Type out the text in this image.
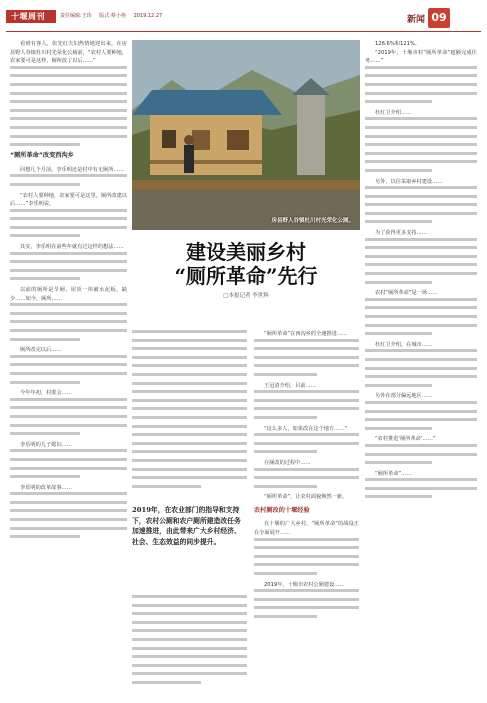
十堰周刊	责任编辑:王玮 版式:蔡小艳 2019.12.27	新闻 09

看到有客人，张先红夫妇热情地迎出来。在房县野人谷镇杜川村光荣化公厕前，“农村人要种地，农家要可是这样，厕所改了以后……”

“厕所革命”改变西沟乡

回想几个月前，李乐明还是村中有无厕所……

“农村人要种地，农家要可是这里，厕所改建以后……”李乐明说。

其实，李乐明在前些年就有过这样的想法……

以前的厕所是旱厕，屋顶一块破水泥板，缺少……如今，厕所……

厕所改完以后……

今年年初，村委会……

李乐明的儿子媳妇……

李乐明的改革故事……

房县野人谷镇杜川村光荣化公厕。
建设美丽乡村
“厕所革命”先行
□本报记者 李世辉
2019年，在农业部门的指导和支持下，农村公厕和农户厕所建造改任务加速推进，由此带来广大乡村经济、社会、生态效益的同步提升。

“厕所革命”在西沟乡的全速推进……

王冠清介绍，目前……

“这么多人，如果改在这个地方……”

在厕改的过程中……

“厕所革命”，让农村面貌焕然一新。

农村厕改的十堰经验

在十堰的广大乡村，“厕所革命”的战役正在全面展开……

2019年，十堰市农村公厕建设……

126.6%和121%。

“2019年，十堰市村“厕所革命”超额完成任务……”

杜红卫介绍……

另外，以往采取乡村建设……

为了获得更多支持……

农村“厕所革命”是一场……

杜红卫介绍，在城市……

另外在部分偏远地区……

“农村推进‘厕所革命’……”

“厕所革命”……
